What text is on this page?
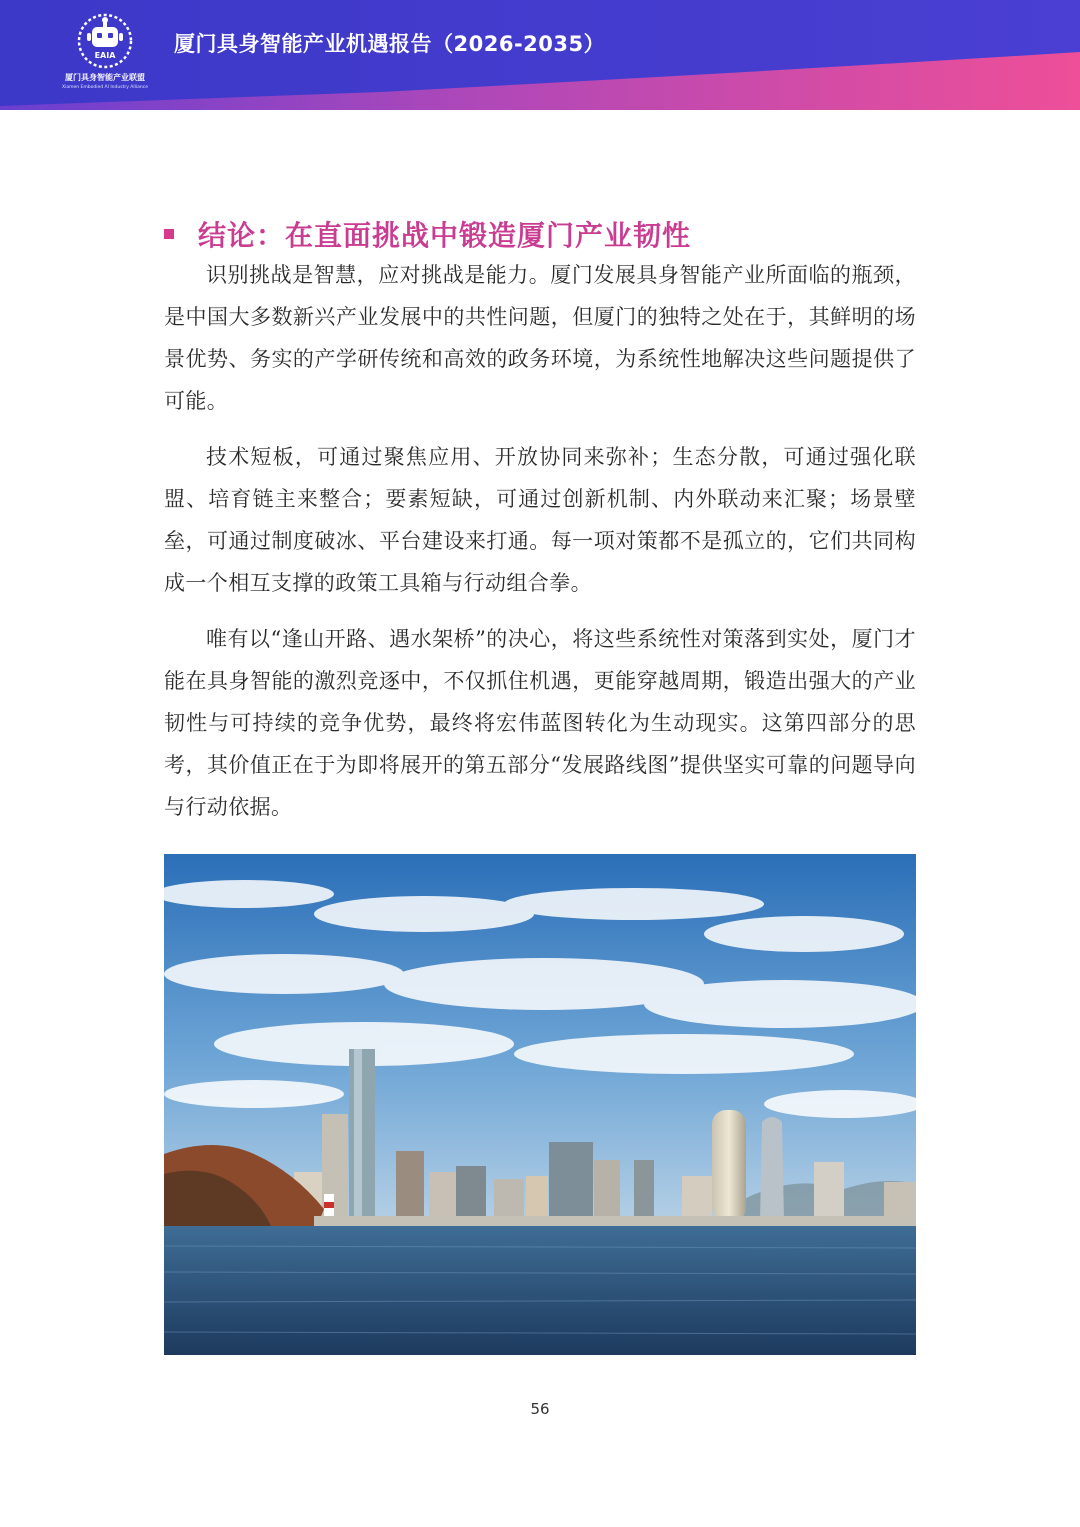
EAIA
厦门具身智能产业联盟
Xiamen Embodied AI Industry Alliance
厦门具身智能产业机遇报告（2026-2035）
结论：在直面挑战中锻造厦门产业韧性

识别挑战是智慧，应对挑战是能力。厦门发展具身智能产业所面临的瓶颈，是中国大多数新兴产业发展中的共性问题，但厦门的独特之处在于，其鲜明的场景优势、务实的产学研传统和高效的政务环境，为系统性地解决这些问题提供了可能。

技术短板，可通过聚焦应用、开放协同来弥补；生态分散，可通过强化联盟、培育链主来整合；要素短缺，可通过创新机制、内外联动来汇聚；场景壁垒，可通过制度破冰、平台建设来打通。每一项对策都不是孤立的，它们共同构成一个相互支撑的政策工具箱与行动组合拳。

唯有以“逢山开路、遇水架桥”的决心，将这些系统性对策落到实处，厦门才能在具身智能的激烈竞逐中，不仅抓住机遇，更能穿越周期，锻造出强大的产业韧性与可持续的竞争优势，最终将宏伟蓝图转化为生动现实。这第四部分的思考，其价值正在于为即将展开的第五部分“发展路线图”提供坚实可靠的问题导向与行动依据。

56
